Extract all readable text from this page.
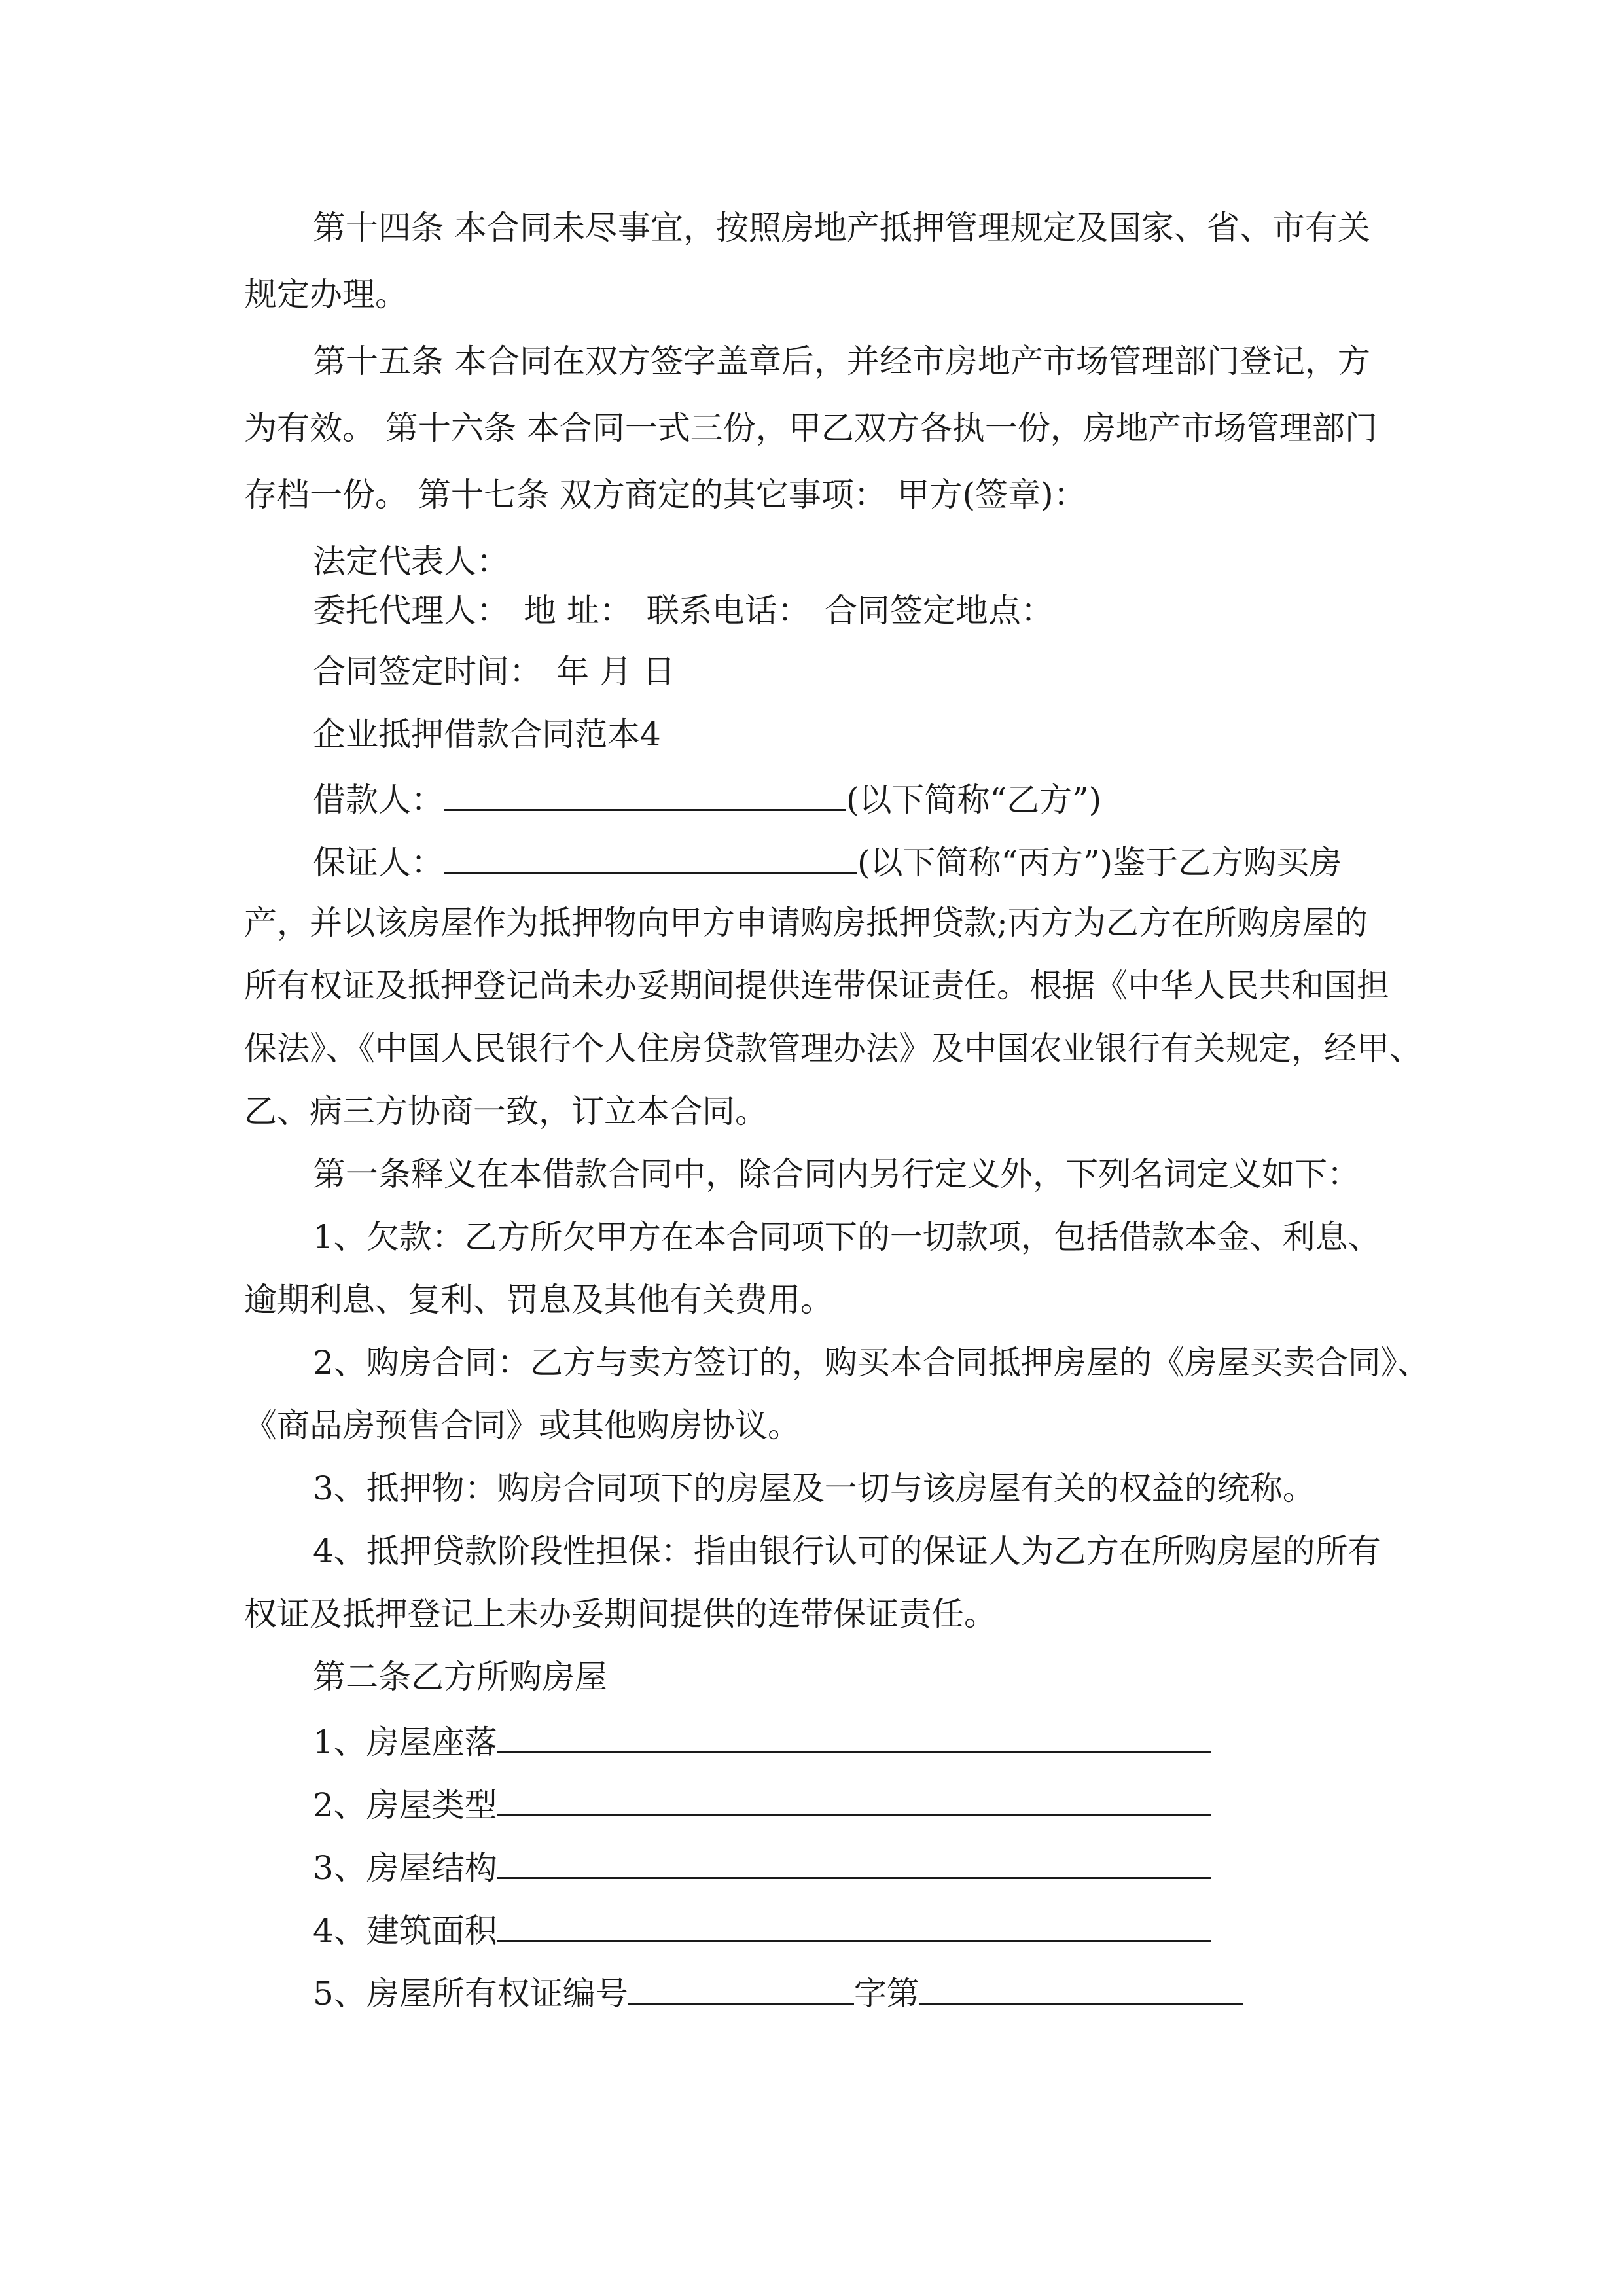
第十四条 本合同未尽事宜，按照房地产抵押管理规定及国家、省、市有关
规定办理。
第十五条 本合同在双方签字盖章后，并经市房地产市场管理部门登记，方
为有效。 第十六条 本合同一式三份，甲乙双方各执一份，房地产市场管理部门
存档一份。 第十七条 双方商定的其它事项： 甲方(签章)：
法定代表人：
委托代理人： 地 址： 联系电话： 合同签定地点：
合同签定时间： 年 月 日
企业抵押借款合同范本4
借款人：	(以下简称“乙方”)
保证人：	(以下简称“丙方”)鉴于乙方购买房
产，并以该房屋作为抵押物向甲方申请购房抵押贷款;丙方为乙方在所购房屋的
所有权证及抵押登记尚未办妥期间提供连带保证责任。根据《中华人民共和国担
保法》、《中国人民银行个人住房贷款管理办法》及中国农业银行有关规定，经甲、
乙、病三方协商一致，订立本合同。
第一条释义在本借款合同中，除合同内另行定义外，下列名词定义如下：
1、欠款：乙方所欠甲方在本合同项下的一切款项，包括借款本金、利息、
逾期利息、复利、罚息及其他有关费用。
2、购房合同：乙方与卖方签订的，购买本合同抵押房屋的《房屋买卖合同》、
《商品房预售合同》或其他购房协议。
3、抵押物：购房合同项下的房屋及一切与该房屋有关的权益的统称。
4、抵押贷款阶段性担保：指由银行认可的保证人为乙方在所购房屋的所有
权证及抵押登记上未办妥期间提供的连带保证责任。
第二条乙方所购房屋
1、房屋座落
2、房屋类型
3、房屋结构
4、建筑面积
5、房屋所有权证编号	字第
